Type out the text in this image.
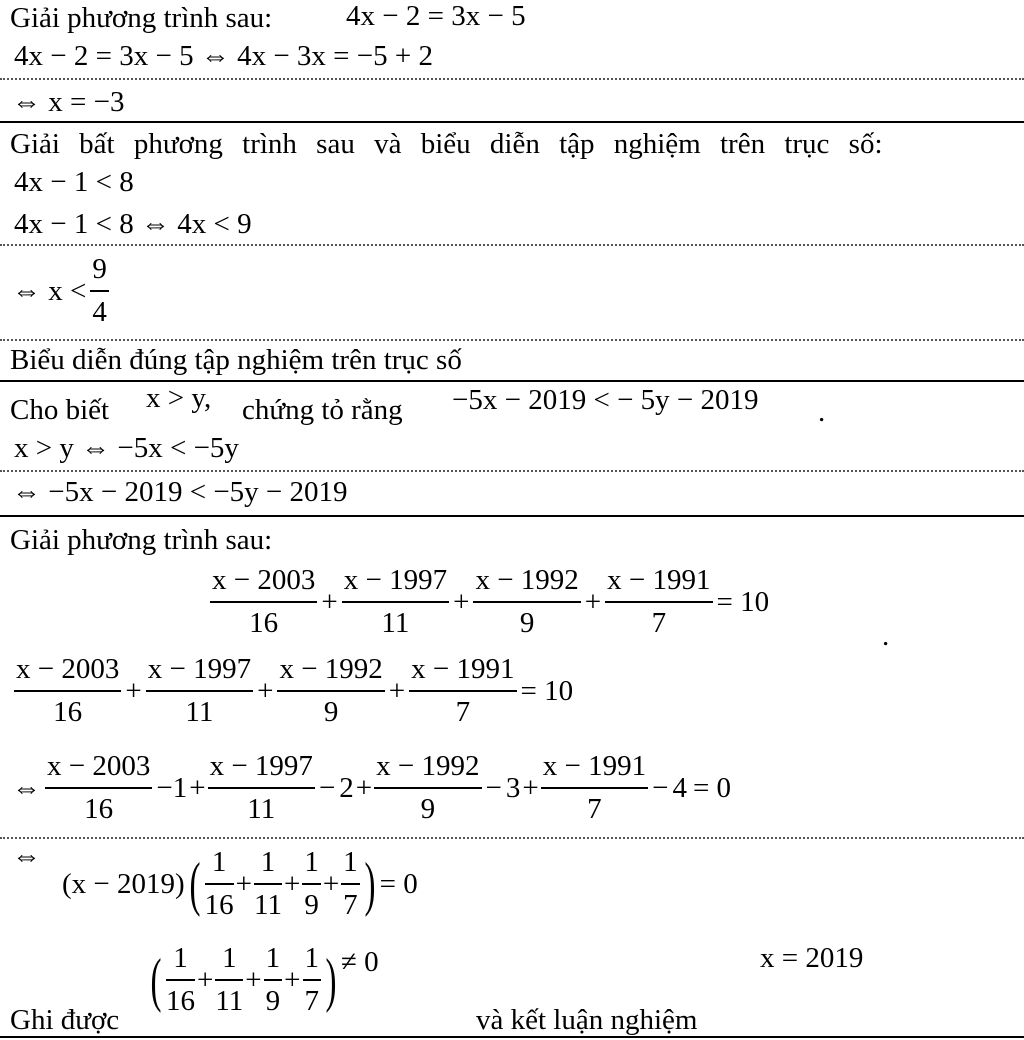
Giải phương trình sau:	4x − 2 = 3x − 5
4x − 2 = 3x − 5 ⇔ 4x − 3x = −5 + 2
⇔ x = −3
Giải bất phương trình sau và biểu diễn tập nghiệm trên trục số:
4x − 1 < 8
4x − 1 < 8 ⇔ 4x < 9
⇔ $x < \frac{9}{4}$
Biểu diễn đúng tập nghiệm trên trục số
Cho biết x > y, chứng tỏ rằng −5x − 2019 < − 5y − 2019 .
x > y ⇔ −5x < −5y
⇔ −5x − 2019 < −5y − 2019
Giải phương trình sau:
$\frac{x - 2003}{16} + \frac{x - 1997}{11} + \frac{x - 1992}{9} + \frac{x - 1991}{7} = 10$
.
$\frac{x - 2003}{16} + \frac{x - 1997}{11} + \frac{x - 1992}{9} + \frac{x - 1991}{7} = 10$
⇔ $\frac{x - 2003}{16} - 1 + \frac{x - 1997}{11} - 2 + \frac{x - 1992}{9} - 3 + \frac{x - 1991}{7} - 4 = 0$
⇔
(x − 2019) ( $\frac{1}{16} + \frac{1}{11} + \frac{1}{9} + \frac{1}{7}$ ) = 0
Ghi được
( $\frac{1}{16} + \frac{1}{11} + \frac{1}{9} + \frac{1}{7}$ ) ≠ 0
và kết luận nghiệm
x = 2019
